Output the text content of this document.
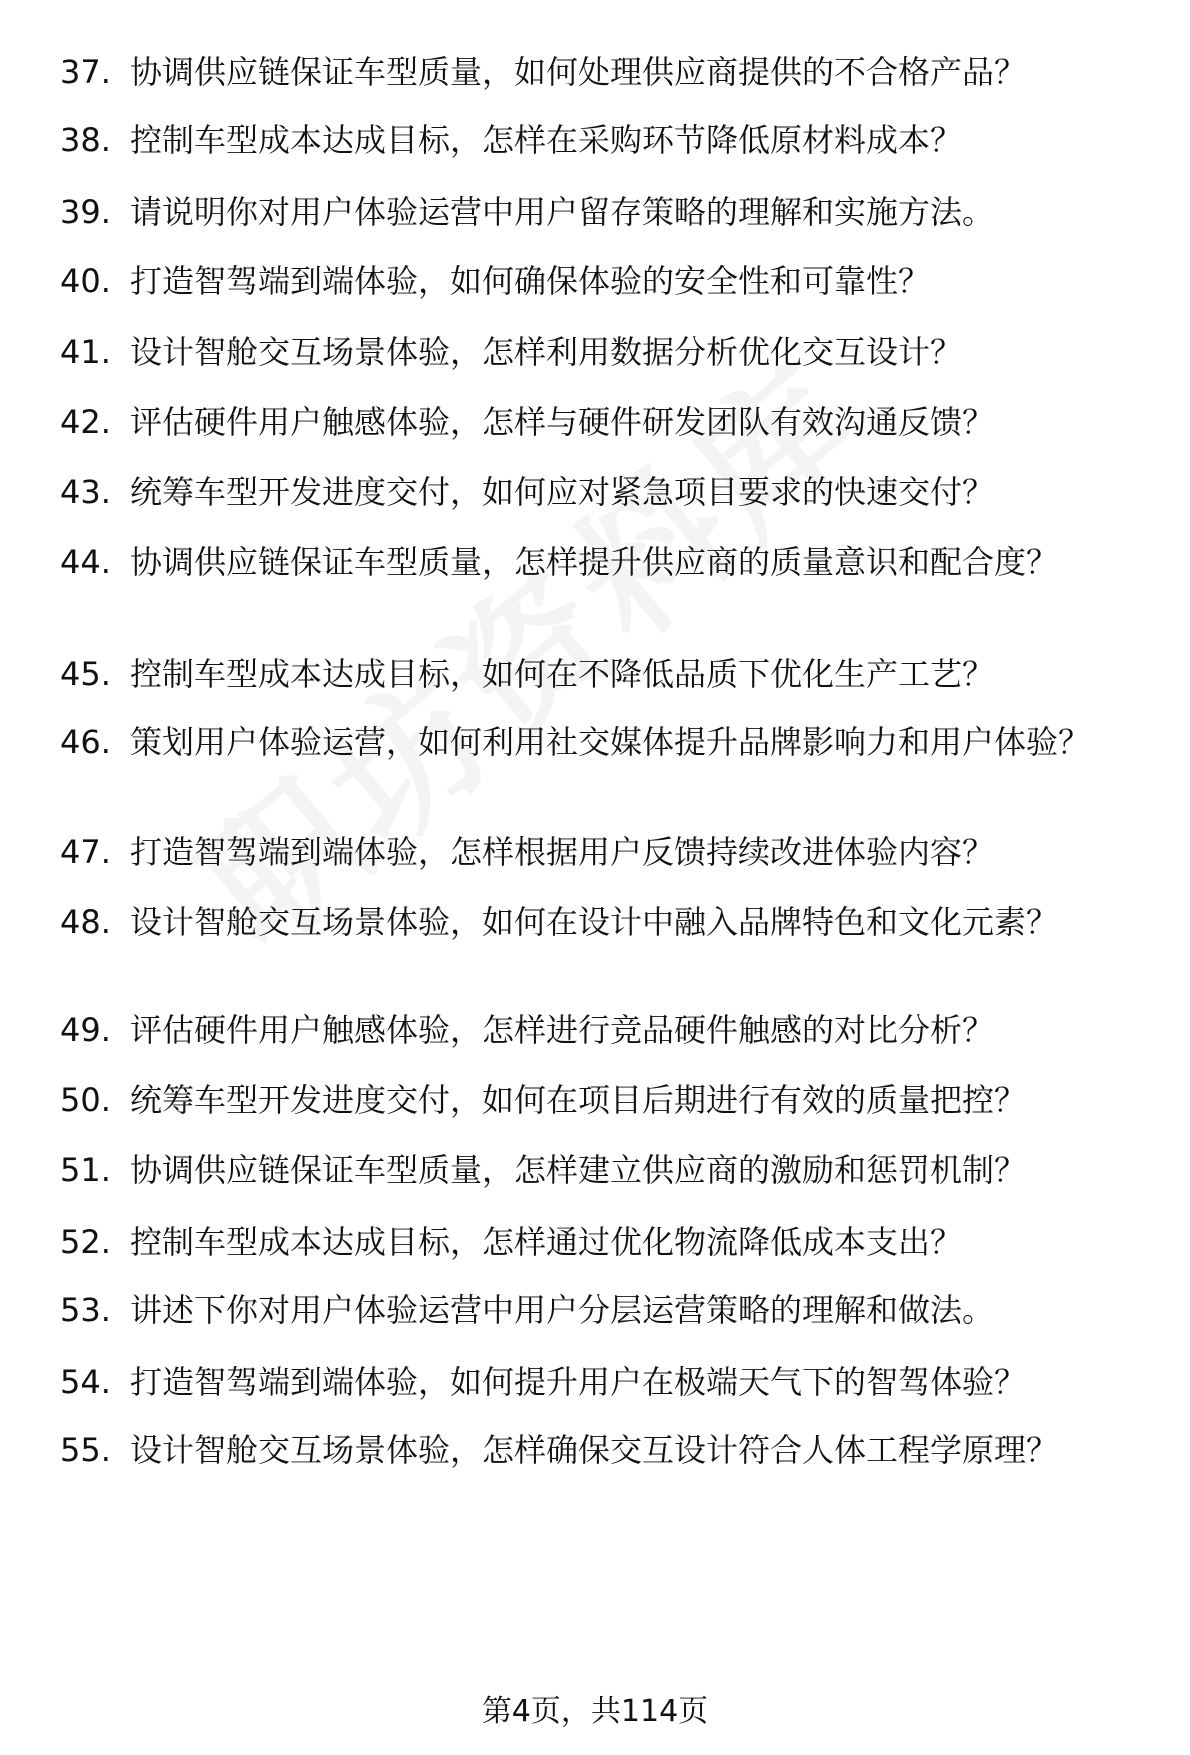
37. 协调供应链保证车型质量，如何处理供应商提供的不合格产品？
38. 控制车型成本达成目标，怎样在采购环节降低原材料成本？
39. 请说明你对用户体验运营中用户留存策略的理解和实施方法。
40. 打造智驾端到端体验，如何确保体验的安全性和可靠性？
41. 设计智舱交互场景体验，怎样利用数据分析优化交互设计？
42. 评估硬件用户触感体验，怎样与硬件研发团队有效沟通反馈？
43. 统筹车型开发进度交付，如何应对紧急项目要求的快速交付？
44. 协调供应链保证车型质量，怎样提升供应商的质量意识和配合度？
45. 控制车型成本达成目标，如何在不降低品质下优化生产工艺？
46. 策划用户体验运营，如何利用社交媒体提升品牌影响力和用户体验？
47. 打造智驾端到端体验，怎样根据用户反馈持续改进体验内容？
48. 设计智舱交互场景体验，如何在设计中融入品牌特色和文化元素？
49. 评估硬件用户触感体验，怎样进行竞品硬件触感的对比分析？
50. 统筹车型开发进度交付，如何在项目后期进行有效的质量把控？
51. 协调供应链保证车型质量，怎样建立供应商的激励和惩罚机制？
52. 控制车型成本达成目标，怎样通过优化物流降低成本支出？
53. 讲述下你对用户体验运营中用户分层运营策略的理解和做法。
54. 打造智驾端到端体验，如何提升用户在极端天气下的智驾体验？
55. 设计智舱交互场景体验，怎样确保交互设计符合人体工程学原理？
第4页，共114页
